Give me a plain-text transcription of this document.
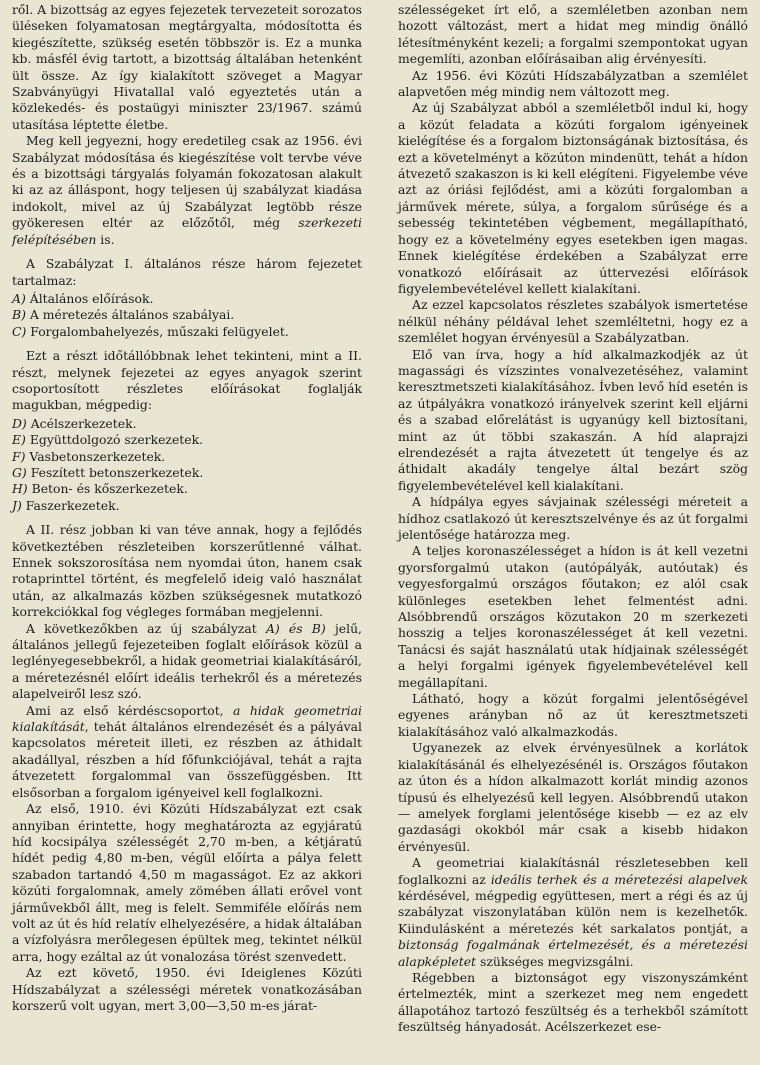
ről. A bizottság az egyes fejezetek tervezeteit sorozatos üléseken folyamatosan megtárgyalta, módosította és kiegészítette, szükség esetén többször is. Ez a munka kb. másfél évig tartott, a bizottság általában hetenként ült össze. Az így kialakított szöveget a Magyar Szabványügyi Hivatallal való egyeztetés után a közlekedés- és postaügyi miniszter 23/1967. számú utasítása léptette életbe.

Meg kell jegyezni, hogy eredetileg csak az 1956. évi Szabályzat módosítása és kiegészítése volt tervbe véve és a bizottsági tárgyalás folyamán fokozatosan alakult ki az az álláspont, hogy teljesen új szabályzat kiadása indokolt, mivel az új Szabályzat legtöbb része gyökeresen eltér az előzőtől, még szerkezeti felépítésében is.

A Szabályzat I. általános része három fejezetet tartalmaz:

A) Általános előírások.
B) A méretezés általános szabályai.
C) Forgalombahelyezés, műszaki felügyelet.

Ezt a részt időtállóbbnak lehet tekinteni, mint a II. részt, melynek fejezetei az egyes anyagok szerint csoportosított részletes előírásokat foglalják magukban, mégpedig:

D) Acélszerkezetek.
E) Együttdolgozó szerkezetek.
F) Vasbetonszerkezetek.
G) Feszített betonszerkezetek.
H) Beton- és kőszerkezetek.
J) Faszerkezetek.

A II. rész jobban ki van téve annak, hogy a fejlődés következtében részleteiben korszerűtlenné válhat. Ennek sokszorosítása nem nyomdai úton, hanem csak rotaprinttel történt, és megfelelő ideig való használat után, az alkalmazás közben szükségesnek mutatkozó korrekciókkal fog végleges formában megjelenni.

A következőkben az új szabályzat A) és B) jelű, általános jellegű fejezeteiben foglalt előírások közül a leglényegesebbekről, a hidak geometriai kialakításáról, a méretezésnél előírt ideális terhekről és a méretezés alapelveiről lesz szó.

Ami az első kérdéscsoportot, a hidak geometriai kialakítását, tehát általános elrendezését és a pályával kapcsolatos méreteit illeti, ez részben az áthidalt akadállyal, részben a híd főfunkciójával, tehát a rajta átvezetett forgalommal van összefüggésben. Itt elsősorban a forgalom igényeivel kell foglalkozni.

Az első, 1910. évi Közúti Hídszabályzat ezt csak annyiban érintette, hogy meghatározta az egyjáratú híd kocsipálya szélességét 2,70 m-ben, a kétjáratú hídét pedig 4,80 m-ben, végül előírta a pálya felett szabadon tartandó 4,50 m magasságot. Ez az akkori közúti forgalomnak, amely zömében állati erővel vont járművekből állt, meg is felelt. Semmiféle előírás nem volt az út és híd relatív elhelyezésére, a hidak általában a vízfolyásra merőlegesen épültek meg, tekintet nélkül arra, hogy ezáltal az út vonalozása törést szenvedett.

Az ezt követő, 1950. évi Ideiglenes Közúti Hídszabályzat a szélességi méretek vonatkozásában korszerű volt ugyan, mert 3,00—3,50 m-es járat-

szélességeket írt elő, a szemléletben azonban nem hozott változást, mert a hidat meg mindig önálló létesítményként kezeli; a forgalmi szempontokat ugyan megemlíti, azonban előírásaiban alig érvényesíti.

Az 1956. évi Közúti Hídszabályzatban a szemlélet alapvetően még mindig nem változott meg.

Az új Szabályzat abból a szemléletből indul ki, hogy a közút feladata a közúti forgalom igényeinek kielégítése és a forgalom biztonságának biztosítása, és ezt a követelményt a közúton mindenütt, tehát a hídon átvezető szakaszon is ki kell elégíteni. Figyelembe véve azt az óriási fejlődést, ami a közúti forgalomban a járművek mérete, súlya, a forgalom sűrűsége és a sebesség tekintetében végbement, megállapítható, hogy ez a követelmény egyes esetekben igen magas. Ennek kielégítése érdekében a Szabályzat erre vonatkozó előírásait az úttervezési előírások figyelembevételével kellett kialakítani.

Az ezzel kapcsolatos részletes szabályok ismertetése nélkül néhány példával lehet szemléltetni, hogy ez a szemlélet hogyan érvényesül a Szabályzatban.

Elő van írva, hogy a híd alkalmazkodjék az út magassági és vízszintes vonalvezetéséhez, valamint keresztmetszeti kialakításához. Ívben levő híd esetén is az útpályákra vonatkozó irányelvek szerint kell eljárni és a szabad előrelátást is ugyanúgy kell biztosítani, mint az út többi szakaszán. A híd alaprajzi elrendezését a rajta átvezetett út tengelye és az áthidalt akadály tengelye által bezárt szög figyelembevételével kell kialakítani.

A hídpálya egyes sávjainak szélességi méreteit a hídhoz csatlakozó út keresztszelvénye és az út forgalmi jelentősége határozza meg.

A teljes koronaszélességet a hídon is át kell vezetni gyorsforgalmú utakon (autópályák, autóutak) és vegyesforgalmú országos főutakon; ez alól csak különleges esetekben lehet felmentést adni. Alsóbbrendű országos közutakon 20 m szerkezeti hosszig a teljes koronaszélességet át kell vezetni. Tanácsi és saját használatú utak hídjainak szélességét a helyi forgalmi igények figyelembevételével kell megállapítani.

Látható, hogy a közút forgalmi jelentőségével egyenes arányban nő az út keresztmetszeti kialakításához való alkalmazkodás.

Ugyanezek az elvek érvényesülnek a korlátok kialakításánál és elhelyezésénél is. Országos főutakon az úton és a hídon alkalmazott korlát mindig azonos típusú és elhelyezésű kell legyen. Alsóbbrendű utakon — amelyek forglami jelentősége kisebb — ez az elv gazdasági okokból már csak a kisebb hidakon érvényesül.

A geometriai kialakításnál részletesebben kell foglalkozni az ideális terhek és a méretezési alapelvek kérdésével, mégpedig együttesen, mert a régi és az új szabályzat viszonylatában külön nem is kezelhetők. Kiindulásként a méretezés két sarkalatos pontját, a biztonság fogalmának értelmezését, és a méretezési alapképletet szükséges megvizsgálni.

Régebben a biztonságot egy viszonyszámként értelmezték, mint a szerkezet meg nem engedett állapotához tartozó feszültség és a terhekből számított feszültség hányadosát. Acélszerkezet ese-
